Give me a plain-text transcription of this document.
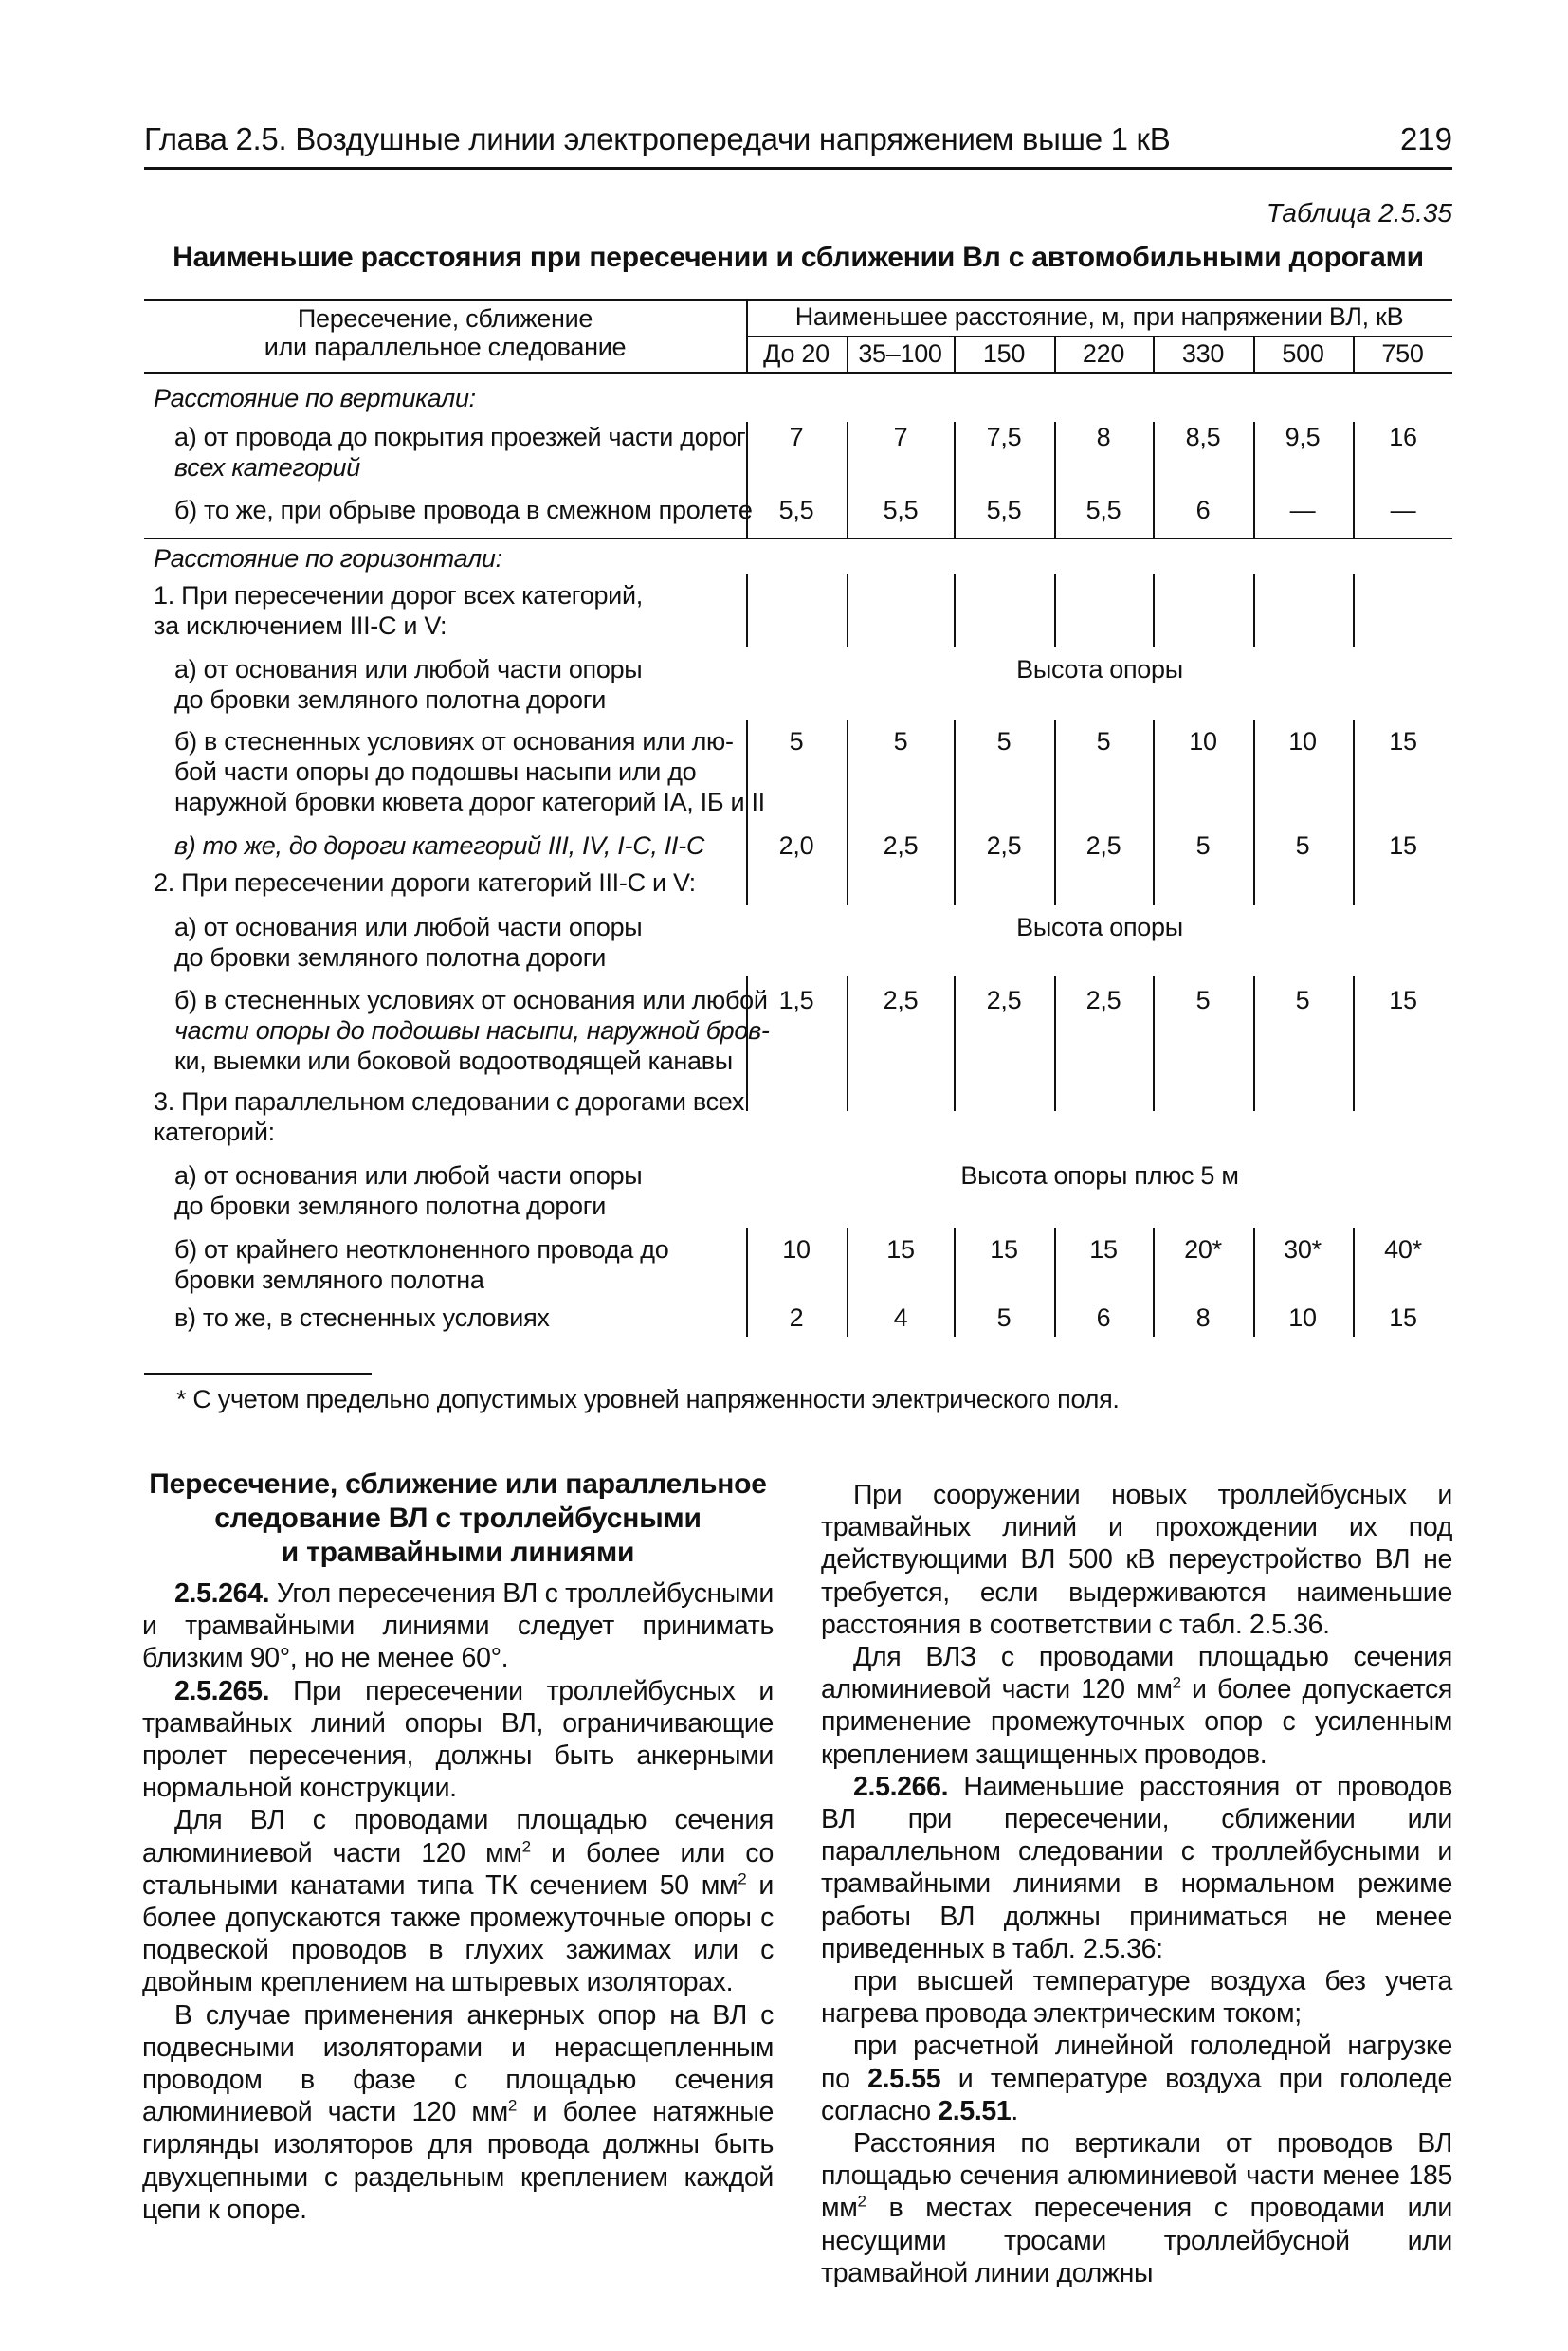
Глава 2.5. Воздушные линии электропередачи напряжением выше 1 кВ	219
Таблица 2.5.35
Наименьшие расстояния при пересечении и сближении Вл с автомобильными дорогами
Пересечение, сближение
или параллельное следование
Наименьшее расстояние, м, при напряжении ВЛ, кВ
До 20	35–100	150	220	330	500	750
Расстояние по вертикали:
а) от провода до покрытия проезжей части дорог
всех категорий
7	7	7,5	8	8,5	9,5	16
б) то же, при обрыве провода в смежном пролете	5,5	5,5	5,5	5,5	6	—	—
Расстояние по горизонтали:
1. При пересечении дорог всех категорий,
за исключением III-С и V:
а) от основания или любой части опоры
до бровки земляного полотна дороги
Высота опоры
б) в стесненных условиях от основания или лю-
бой части опоры до подошвы насыпи или до
наружной бровки кювета дорог категорий IА, IБ и II
5	5	5	5	10	10	15
в) то же, до дороги категорий III, IV, I-С, II-С	2,0	2,5	2,5	2,5	5	5	15
2. При пересечении дороги категорий III-С и V:
а) от основания или любой части опоры
до бровки земляного полотна дороги
Высота опоры
б) в стесненных условиях от основания или любой
части опоры до подошвы насыпи, наружной бров-
ки, выемки или боковой водоотводящей канавы
1,5	2,5	2,5	2,5	5	5	15
3. При параллельном следовании с дорогами всех
категорий:
а) от основания или любой части опоры
до бровки земляного полотна дороги
Высота опоры плюс 5 м
б) от крайнего неотклоненного провода до
бровки земляного полотна
10	15	15	15	20*	30*	40*
в) то же, в стесненных условиях	2	4	5	6	8	10	15
* С учетом предельно допустимых уровней напряженности электрического поля.

Пересечение, сближение или параллельное
следование ВЛ с троллейбусными
и трамвайными линиями

2.5.264. Угол пересечения ВЛ с троллейбусными и трамвайными линиями следует принимать близким 90°, но не менее 60°.

2.5.265. При пересечении троллейбусных и трамвайных линий опоры ВЛ, ограничивающие пролет пересечения, должны быть анкерными нормальной конструкции.

Для ВЛ с проводами площадью сечения алюминиевой части 120 $мм^2$ и более или со стальными канатами типа ТК сечением 50 $мм^2$ и более допускаются также промежуточные опоры с подвеской проводов в глухих зажимах или с двойным креплением на штыревых изоляторах.

В случае применения анкерных опор на ВЛ с подвесными изоляторами и нерасщепленным проводом в фазе с площадью сечения алюминиевой части 120 $мм^2$ и более натяжные гирлянды изоляторов для провода должны быть двухцепными с раздельным креплением каждой цепи к опоре.

При сооружении новых троллейбусных и трамвайных линий и прохождении их под действующими ВЛ 500 кВ переустройство ВЛ не требуется, если выдерживаются наименьшие расстояния в соответствии с табл. 2.5.36.

Для ВЛЗ с проводами площадью сечения алюминиевой части 120 $мм^2$ и более допускается применение промежуточных опор с усиленным креплением защищенных проводов.

2.5.266. Наименьшие расстояния от проводов ВЛ при пересечении, сближении или параллельном следовании с троллейбусными и трамвайными линиями в нормальном режиме работы ВЛ должны приниматься не менее приведенных в табл. 2.5.36:

при высшей температуре воздуха без учета нагрева провода электрическим током;

при расчетной линейной гололедной нагрузке по 2.5.55 и температуре воздуха при гололеде согласно 2.5.51.

Расстояния по вертикали от проводов ВЛ площадью сечения алюминиевой части менее 185 $мм^2$ в местах пересечения с проводами или несущими тросами троллейбусной или трамвайной линии должны
